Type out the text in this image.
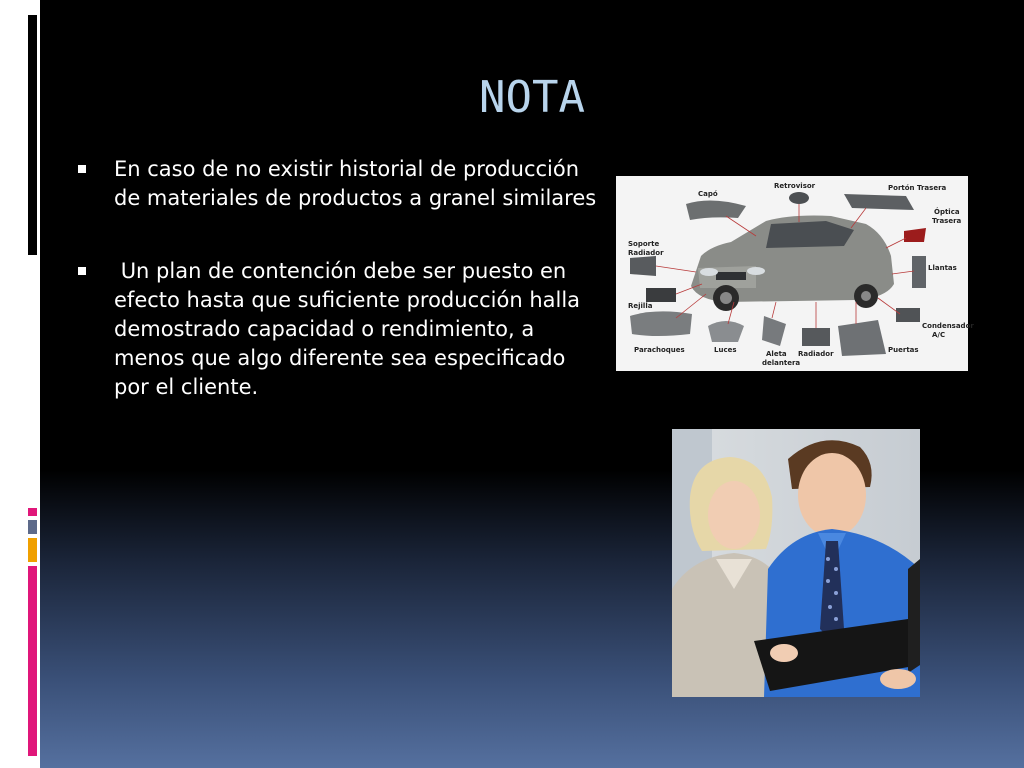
NOTA
En caso de no existir historial de producción de materiales de productos a granel similares
Un plan de contención debe ser puesto en efecto hasta que suficiente producción halla demostrado capacidad o rendimiento, a menos que algo diferente sea especificado por el cliente.
Capó
Retrovisor	Portón Trasera
Óptica
Trasera
Soporte
Radiador
Llantas
Rejilla
Condensador
A/C
Parachoques	Luces	Aleta
delantera
Radiador	Puertas
